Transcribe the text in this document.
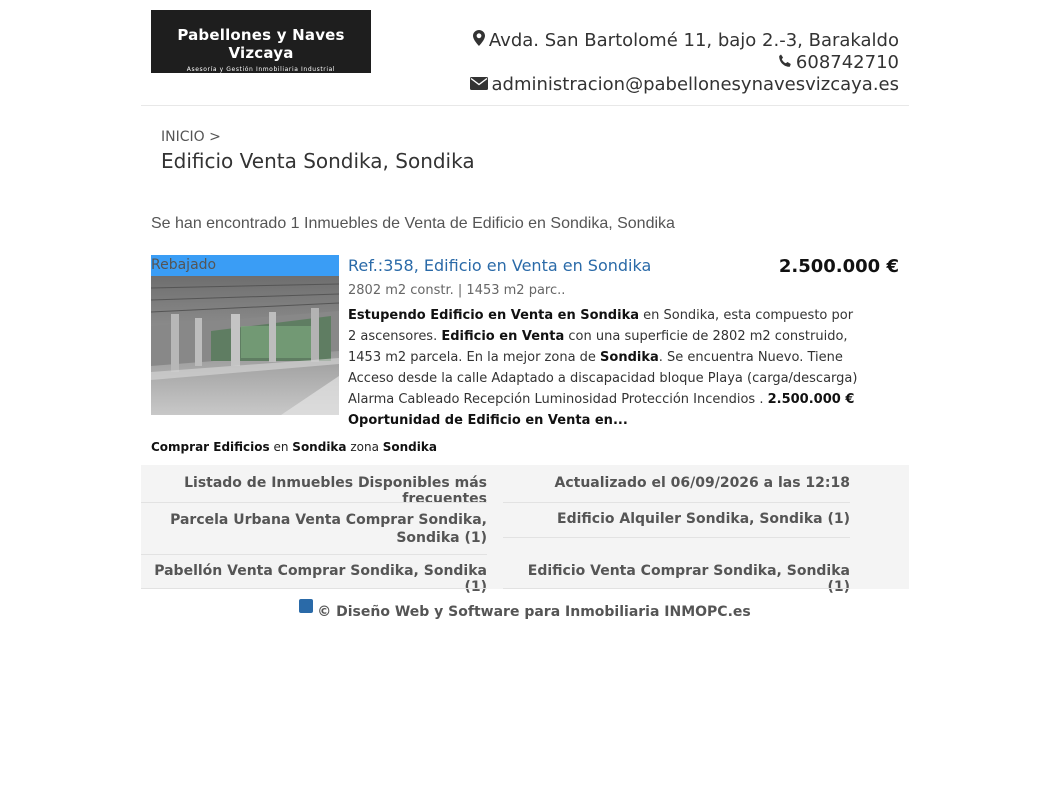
Pabellones y Naves Vizcaya
Asesoría y Gestión Inmobiliaria Industrial
Avda. San Bartolomé 11, bajo 2.-3, Barakaldo
608742710
administracion@pabellonesynavesvizcaya.es
INICIO >
Edificio Venta Sondika, Sondika
Se han encontrado 1 Inmuebles de Venta de Edificio en Sondika, Sondika
Rebajado
Comprar Edificios en Sondika zona Sondika
Ref.:358, Edificio en Venta en Sondika	2.500.000 €
2802 m2 constr. | 1453 m2 parc..
Estupendo Edificio en Venta en Sondika en Sondika, esta compuesto por 2 ascensores. Edificio en Venta con una superficie de 2802 m2 construido, 1453 m2 parcela. En la mejor zona de Sondika. Se encuentra Nuevo. Tiene Acceso desde la calle Adaptado a discapacidad bloque Playa (carga/descarga) Alarma Cableado Recepción Luminosidad Protección Incendios . 2.500.000 € Oportunidad de Edificio en Venta en...
Listado de Inmuebles Disponibles más frecuentes
Actualizado el 06/09/2026 a las 12:18
Parcela Urbana Venta Comprar Sondika, Sondika (1)
Edificio Alquiler Sondika, Sondika (1)
Pabellón Venta Comprar Sondika, Sondika (1)
Edificio Venta Comprar Sondika, Sondika (1)
© Diseño Web y Software para Inmobiliaria INMOPC.es
